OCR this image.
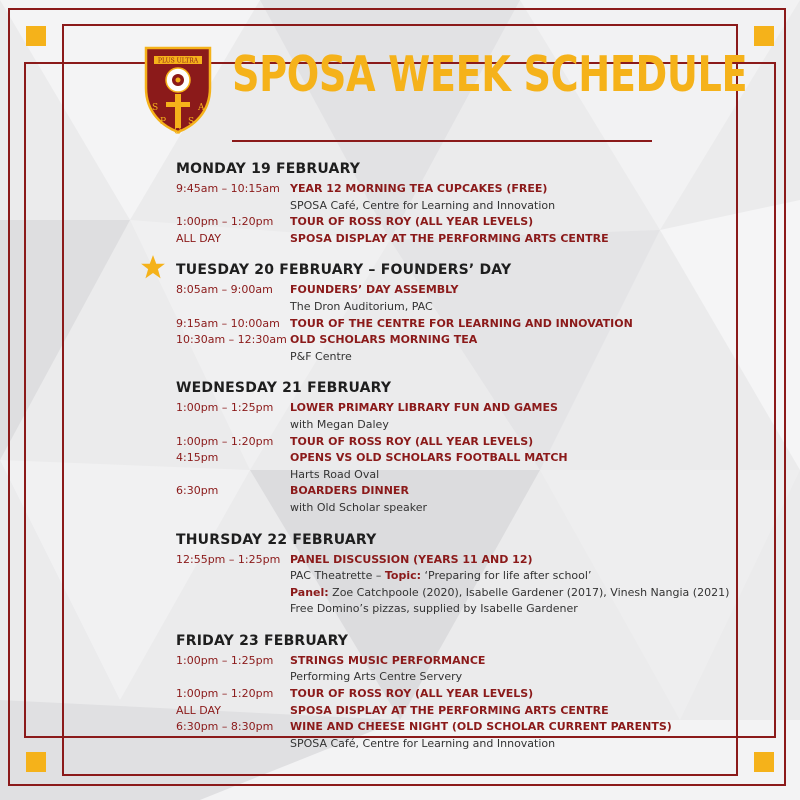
PLUS ULTRA
S
P
O
S
A
SPOSA WEEK SCHEDULE
MONDAY 19 FEBRUARY
9:45am – 10:15am YEAR 12 MORNING TEA CUPCAKES (FREE)
SPOSA Café, Centre for Learning and Innovation
1:00pm – 1:20pm	TOUR OF ROSS ROY (ALL YEAR LEVELS)
ALL DAY	SPOSA DISPLAY AT THE PERFORMING ARTS CENTRE
TUESDAY 20 FEBRUARY – FOUNDERS’ DAY
8:05am – 9:00am	FOUNDERS’ DAY ASSEMBLY
The Dron Auditorium, PAC
9:15am – 10:00am TOUR OF THE CENTRE FOR LEARNING AND INNOVATION
10:30am – 12:30am OLD SCHOLARS MORNING TEA
P&F Centre
WEDNESDAY 21 FEBRUARY
1:00pm – 1:25pm	LOWER PRIMARY LIBRARY FUN AND GAMES
with Megan Daley
1:00pm – 1:20pm	TOUR OF ROSS ROY (ALL YEAR LEVELS)
4:15pm	OPENS VS OLD SCHOLARS FOOTBALL MATCH
Harts Road Oval
6:30pm	BOARDERS DINNER
with Old Scholar speaker
THURSDAY 22 FEBRUARY
12:55pm – 1:25pm PANEL DISCUSSION (YEARS 11 AND 12)
PAC Theatrette – Topic: ‘Preparing for life after school’
Panel: Zoe Catchpoole (2020), Isabelle Gardener (2017), Vinesh Nangia (2021)
Free Domino’s pizzas, supplied by Isabelle Gardener
FRIDAY 23 FEBRUARY
1:00pm – 1:25pm	STRINGS MUSIC PERFORMANCE
Performing Arts Centre Servery
1:00pm – 1:20pm	TOUR OF ROSS ROY (ALL YEAR LEVELS)
ALL DAY	SPOSA DISPLAY AT THE PERFORMING ARTS CENTRE
6:30pm – 8:30pm	WINE AND CHEESE NIGHT (OLD SCHOLAR CURRENT PARENTS)
SPOSA Café, Centre for Learning and Innovation
